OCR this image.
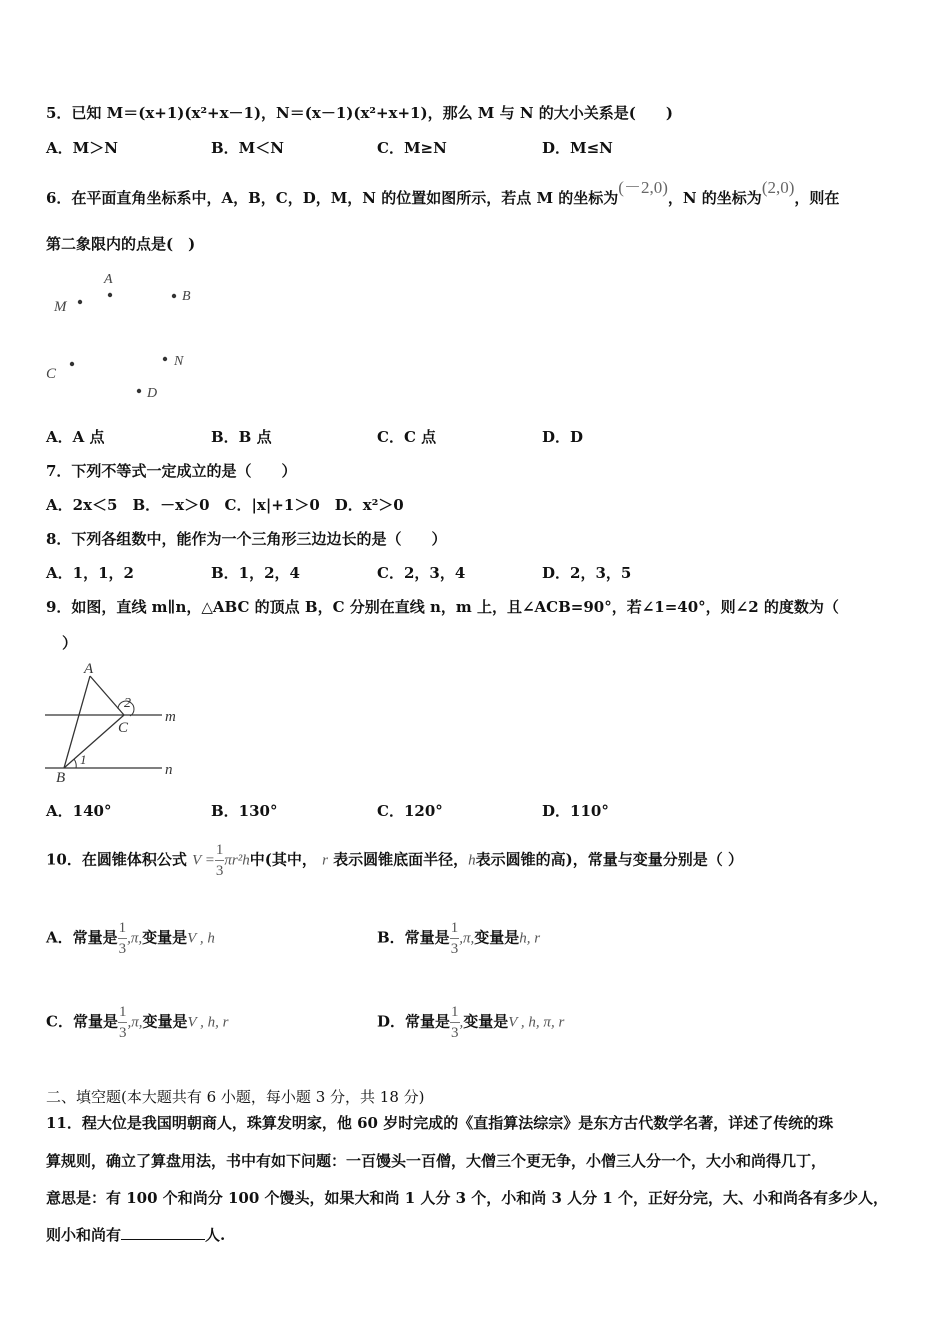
5．已知 M＝(x+1)(x²+x－1)，N＝(x－1)(x²+x+1)，那么 M 与 N 的大小关系是(　　)
A．M＞N	B．M＜N	C．M≥N	D．M≤N
6．在平面直角坐标系中，A，B，C，D，M，N 的位置如图所示，若点 M 的坐标为(－2,0)，N 的坐标为(2,0)，则在
第二象限内的点是(　)
M
A
B
C
N
D
A．A 点	B．B 点	C．C 点	D．D
7．下列不等式一定成立的是（　　）
A．2x＜5　B．－x＞0　C．|x|+1＞0　D．x²＞0
8．下列各组数中，能作为一个三角形三边边长的是（　　）
A．1，1，2	B．1，2，4	C．2，3，4	D．2，3，5
9．如图，直线 m∥n，△ABC 的顶点 B，C 分别在直线 n，m 上，且∠ACB=90°，若∠1=40°，则∠2 的度数为（
）
A
2
C
m
B
1
n
A．140°	B．130°	C．120°	D．110°
10．在圆锥体积公式 $V = \frac{1}{3} \pi r^2h$中(其中， r 表示圆锥底面半径，h表示圆锥的高)，常量与变量分别是（ ）
A．常量是 $\frac{1}{3} ,\pi$,变量是V , h	B．常量是 $\frac{1}{3} ,\pi$,变量是h, r
C．常量是 $\frac{1}{3} ,\pi$,变量是V , h, r	D．常量是 $\frac{1}{3}$ ,变量是V , h, π, r
二、填空题(本大题共有 6 小题，每小题 3 分，共 18 分)
11．程大位是我国明朝商人，珠算发明家，他 60 岁时完成的《直指算法综宗》是东方古代数学名著，详述了传统的珠
算规则，确立了算盘用法，书中有如下问题：一百馒头一百僧，大僧三个更无争，小僧三人分一个，大小和尚得几丁，
意思是：有 100 个和尚分 100 个馒头，如果大和尚 1 人分 3 个，小和尚 3 人分 1 个，正好分完，大、小和尚各有多少人，
则小和尚有	人.
